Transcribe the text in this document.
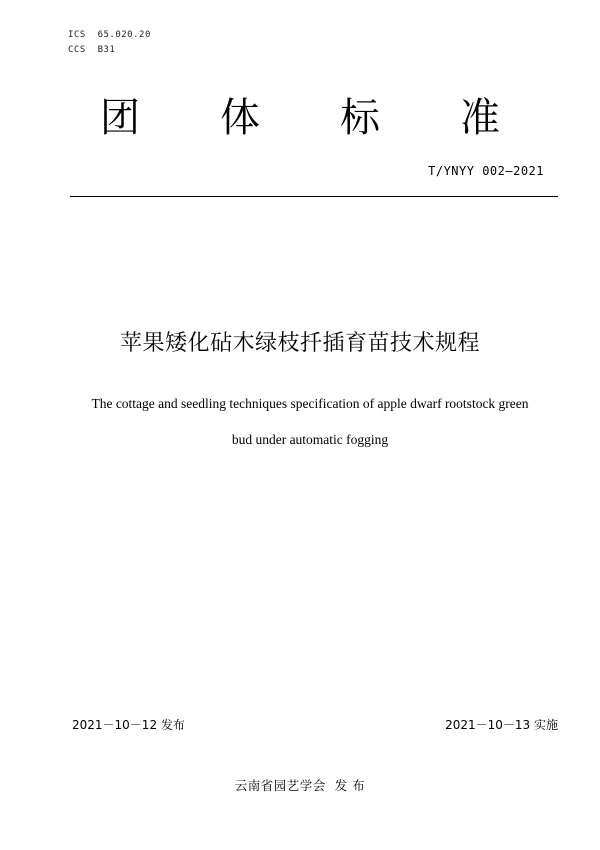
ICS  65.020.20
CCS  B31
团 体 标 准
T/YNYY 002—2021
苹果矮化砧木绿枝扦插育苗技术规程
The cottage and seedling techniques specification of apple dwarf rootstock green
bud under automatic fogging
2021－10－12 发布	2021－10－13 实施
云南省园艺学会  发 布
